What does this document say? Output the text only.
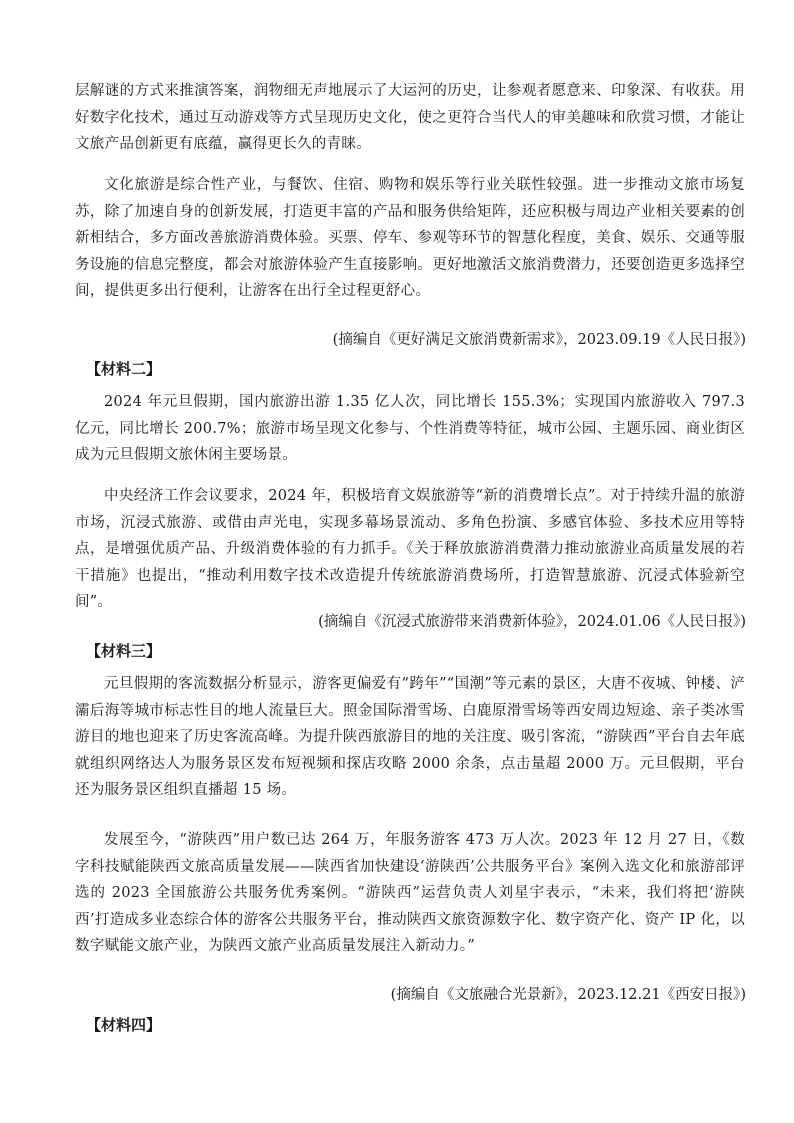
层解谜的方式来推演答案，润物细无声地展示了大运河的历史，让参观者愿意来、印象深、有收获。用好数字化技术，通过互动游戏等方式呈现历史文化，使之更符合当代人的审美趣味和欣赏习惯，才能让文旅产品创新更有底蕴，赢得更长久的青睐。

文化旅游是综合性产业，与餐饮、住宿、购物和娱乐等行业关联性较强。进一步推动文旅市场复苏，除了加速自身的创新发展，打造更丰富的产品和服务供给矩阵，还应积极与周边产业相关要素的创新相结合，多方面改善旅游消费体验。买票、停车、参观等环节的智慧化程度，美食、娱乐、交通等服务设施的信息完整度，都会对旅游体验产生直接影响。更好地激活文旅消费潜力，还要创造更多选择空间，提供更多出行便利，让游客在出行全过程更舒心。

(摘编自《更好满足文旅消费新需求》，2023.09.19《人民日报》)

【材料二】

2024 年元旦假期，国内旅游出游 1.35 亿人次，同比增长 155.3%；实现国内旅游收入 797.3 亿元，同比增长 200.7%；旅游市场呈现文化参与、个性消费等特征，城市公园、主题乐园、商业街区成为元旦假期文旅休闲主要场景。

中央经济工作会议要求，2024 年，积极培育文娱旅游等“新的消费增长点”。对于持续升温的旅游市场，沉浸式旅游、或借由声光电，实现多幕场景流动、多角色扮演、多感官体验、多技术应用等特点，是增强优质产品、升级消费体验的有力抓手。《关于释放旅游消费潜力推动旅游业高质量发展的若干措施》也提出，“推动利用数字技术改造提升传统旅游消费场所，打造智慧旅游、沉浸式体验新空间”。

(摘编自《沉浸式旅游带来消费新体验》，2024.01.06《人民日报》)

【材料三】

元旦假期的客流数据分析显示，游客更偏爱有“跨年”“国潮”等元素的景区，大唐不夜城、钟楼、浐灞后海等城市标志性目的地人流量巨大。照金国际滑雪场、白鹿原滑雪场等西安周边短途、亲子类冰雪游目的地也迎来了历史客流高峰。为提升陕西旅游目的地的关注度、吸引客流，“游陕西”平台自去年底就组织网络达人为服务景区发布短视频和探店攻略 2000 余条，点击量超 2000 万。元旦假期，平台还为服务景区组织直播超 15 场。

发展至今，“游陕西”用户数已达 264 万，年服务游客 473 万人次。2023 年 12 月 27 日，《数字科技赋能陕西文旅高质量发展——陕西省加快建设‘游陕西’公共服务平台》案例入选文化和旅游部评选的 2023 全国旅游公共服务优秀案例。“游陕西”运营负责人刘星宇表示，“未来，我们将把‘游陕西’打造成多业态综合体的游客公共服务平台，推动陕西文旅资源数字化、数字资产化、资产 IP 化，以数字赋能文旅产业，为陕西文旅产业高质量发展注入新动力。”

(摘编自《文旅融合光景新》，2023.12.21《西安日报》)

【材料四】
